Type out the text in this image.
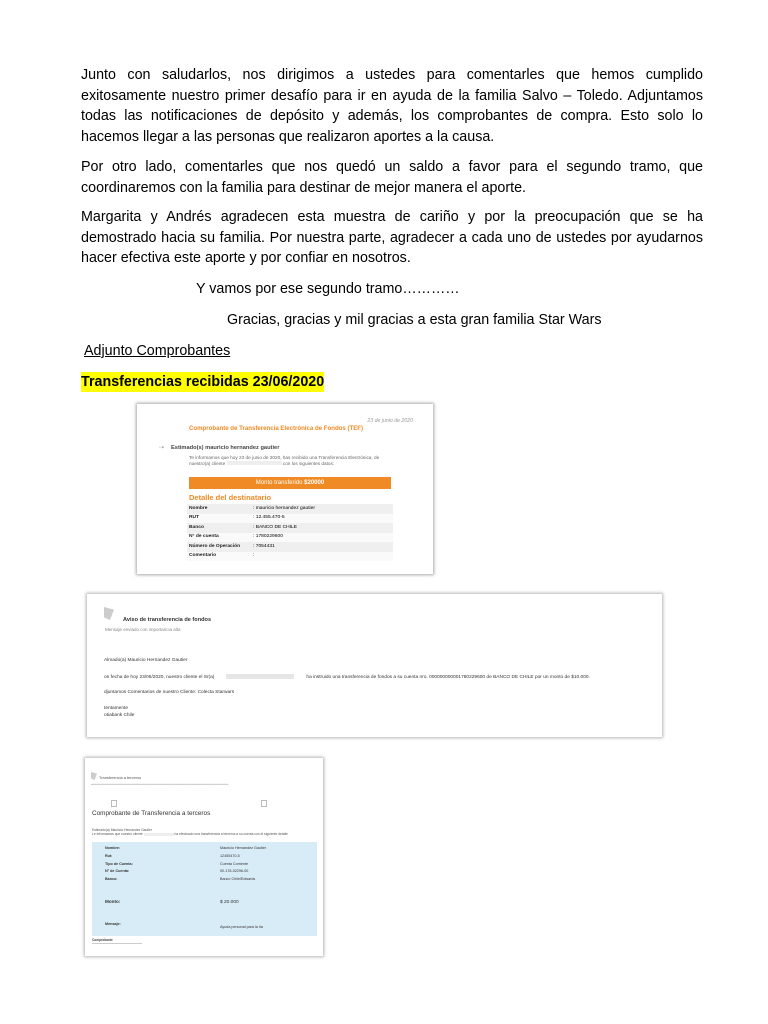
Junto con saludarlos, nos dirigimos a ustedes para comentarles que hemos cumplido exitosamente nuestro primer desafío para ir en ayuda de la familia Salvo – Toledo. Adjuntamos todas las notificaciones de depósito y además, los comprobantes de compra. Esto solo lo hacemos llegar a las personas que realizaron aportes a la causa.
Por otro lado, comentarles que nos quedó un saldo a favor para el segundo tramo, que coordinaremos con la familia para destinar de mejor manera el aporte.
Margarita y Andrés agradecen esta muestra de cariño y por la preocupación que se ha demostrado hacia su familia. Por nuestra parte, agradecer a cada uno de ustedes por ayudarnos hacer efectiva este aporte y por confiar en nosotros.
Y vamos por ese segundo tramo…………
Gracias, gracias y mil gracias a esta gran familia Star Wars
Adjunto Comprobantes
Transferencias recibidas 23/06/2020
23 de junio de 2020
Comprobante de Transferencia Electrónica de Fondos (TEF)
⇢ Estimado(s) mauricio hernandez gautier
Te informamos que hoy 23 de junio de 2020, has recibido una Transferencia Electrónica, de nuestro(a) cliente	con los siguientes datos:
Monto transferido $20000
Detalle del destinatario
Nombre	: mauricio hernandez gautier
RUT	: 12.455.470-5
Banco	: BANCO DE CHILE
N° de cuenta	: 1780229600
Número de Operación	: 7054431
Comentario	:
Aviso de transferencia de fondos
Mensaje enviado con importancia alta
Almado(a) Mauricio Hernandez Gautier
on fecha de hoy 23/06/2020, nuestro cliente el Sr(a)	ha instruido una transferencia de fondos a su cuenta nro. 000000000001780229600 de BANCO DE CHILE por un monto de $10.000.
djuntamos Comentarios de nuestro Cliente: Colecta Starwars
tentamente
otiabank Chile
Transferencia a terceros
━━━━━━━━━━━━━━━━━━━━━━━━━━━━━━━━━━━━━━━━━━━━━━━━━━━━━━━━━━━━━━━━━━━━━━━━━━━━━━━━━━━━━━━━
Comprobante de Transferencia a terceros
Estimado(a) Mauricio Hernandez Gautier
Le informamos que nuestro cliente	ha efectuado una transferencia a terceros a su cuenta con el siguiente detalle
Nombre:	Mauricio Hernandez Gautier
Rut:	12455470-5
Tipo de Cuenta:	Cuenta Corriente
N° de Cuenta:	00-178-02296-00
Banco:	Banco Chile/Edwards
Monto:	$ 20.000
Mensaje:
Ayuda personal para la tía
Comprobante
